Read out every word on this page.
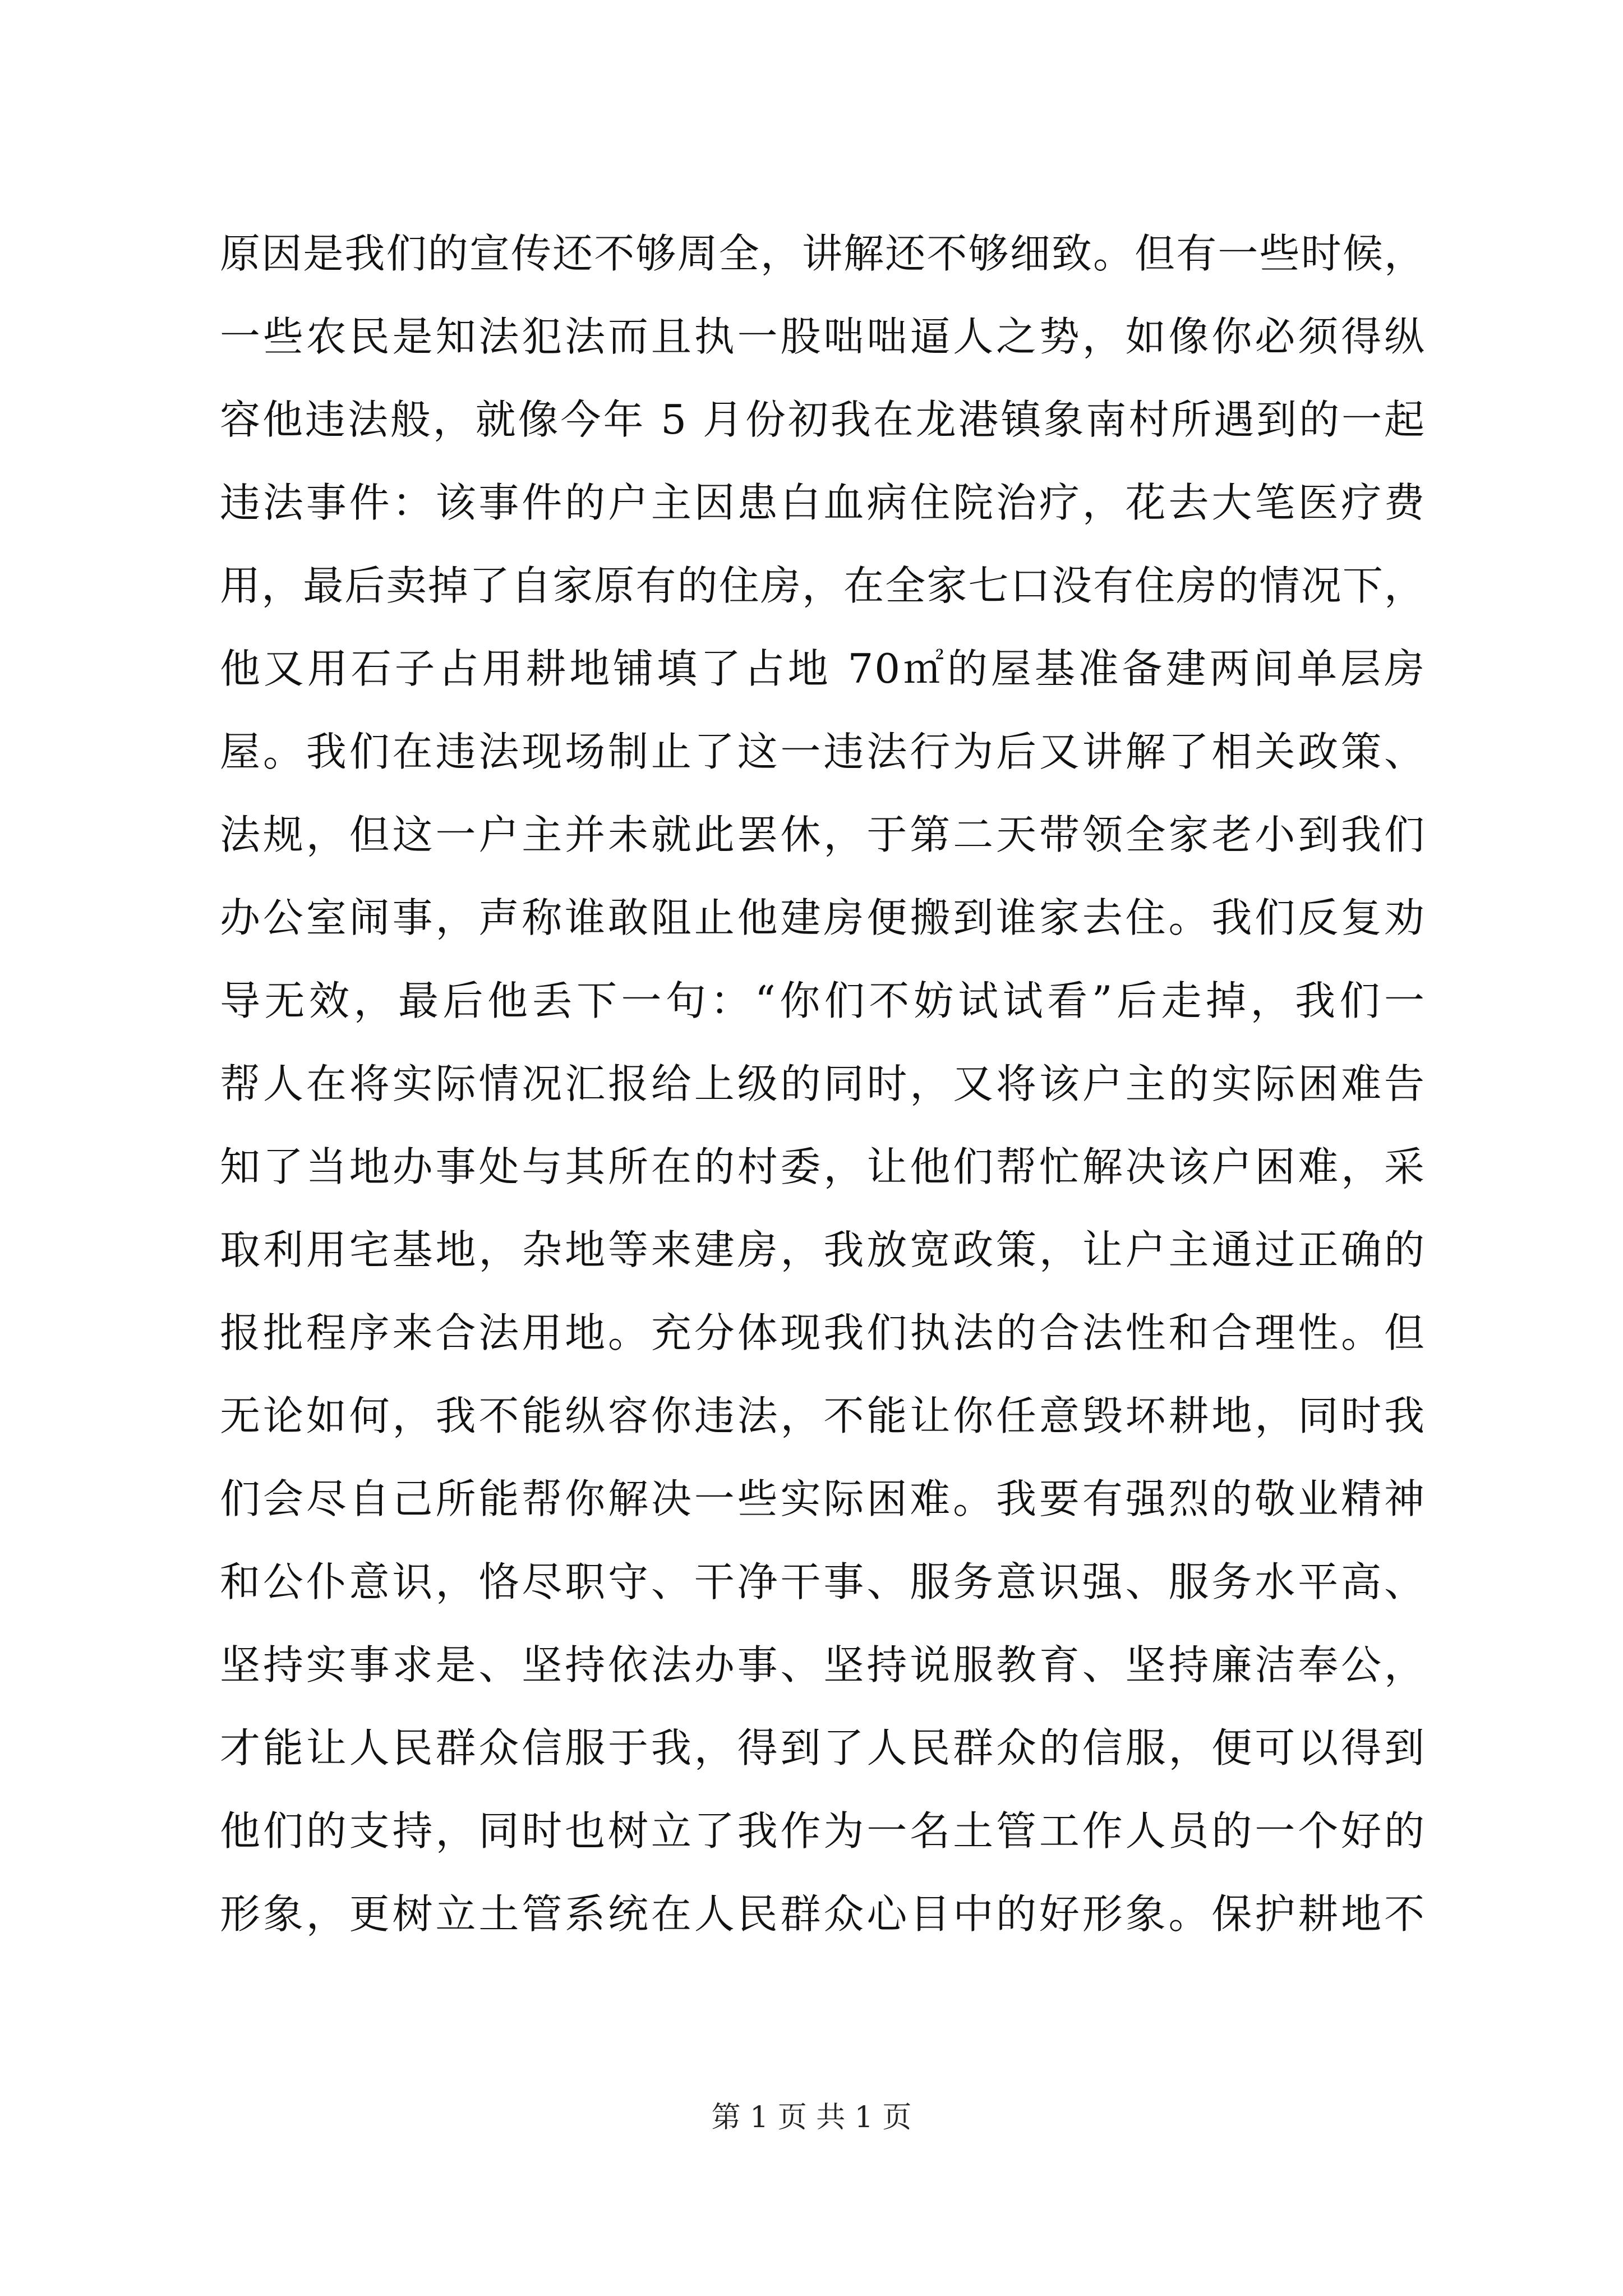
原因是我们的宣传还不够周全，讲解还不够细致。但有一些时候，
一些农民是知法犯法而且执一股咄咄逼人之势，如像你必须得纵
容他违法般，就像今年 5 月份初我在龙港镇象南村所遇到的一起
违法事件：该事件的户主因患白血病住院治疗，花去大笔医疗费
用，最后卖掉了自家原有的住房，在全家七口没有住房的情况下，
他又用石子占用耕地铺填了占地 70㎡的屋基准备建两间单层房
屋。我们在违法现场制止了这一违法行为后又讲解了相关政策、
法规，但这一户主并未就此罢休，于第二天带领全家老小到我们
办公室闹事，声称谁敢阻止他建房便搬到谁家去住。我们反复劝
导无效，最后他丢下一句：“你们不妨试试看”后走掉，我们一
帮人在将实际情况汇报给上级的同时，又将该户主的实际困难告
知了当地办事处与其所在的村委，让他们帮忙解决该户困难，采
取利用宅基地，杂地等来建房，我放宽政策，让户主通过正确的
报批程序来合法用地。充分体现我们执法的合法性和合理性。但
无论如何，我不能纵容你违法，不能让你任意毁坏耕地，同时我
们会尽自己所能帮你解决一些实际困难。我要有强烈的敬业精神
和公仆意识，恪尽职守、干净干事、服务意识强、服务水平高、
坚持实事求是、坚持依法办事、坚持说服教育、坚持廉洁奉公，
才能让人民群众信服于我，得到了人民群众的信服，便可以得到
他们的支持，同时也树立了我作为一名土管工作人员的一个好的
形象，更树立土管系统在人民群众心目中的好形象。保护耕地不
第 1 页 共 1 页
